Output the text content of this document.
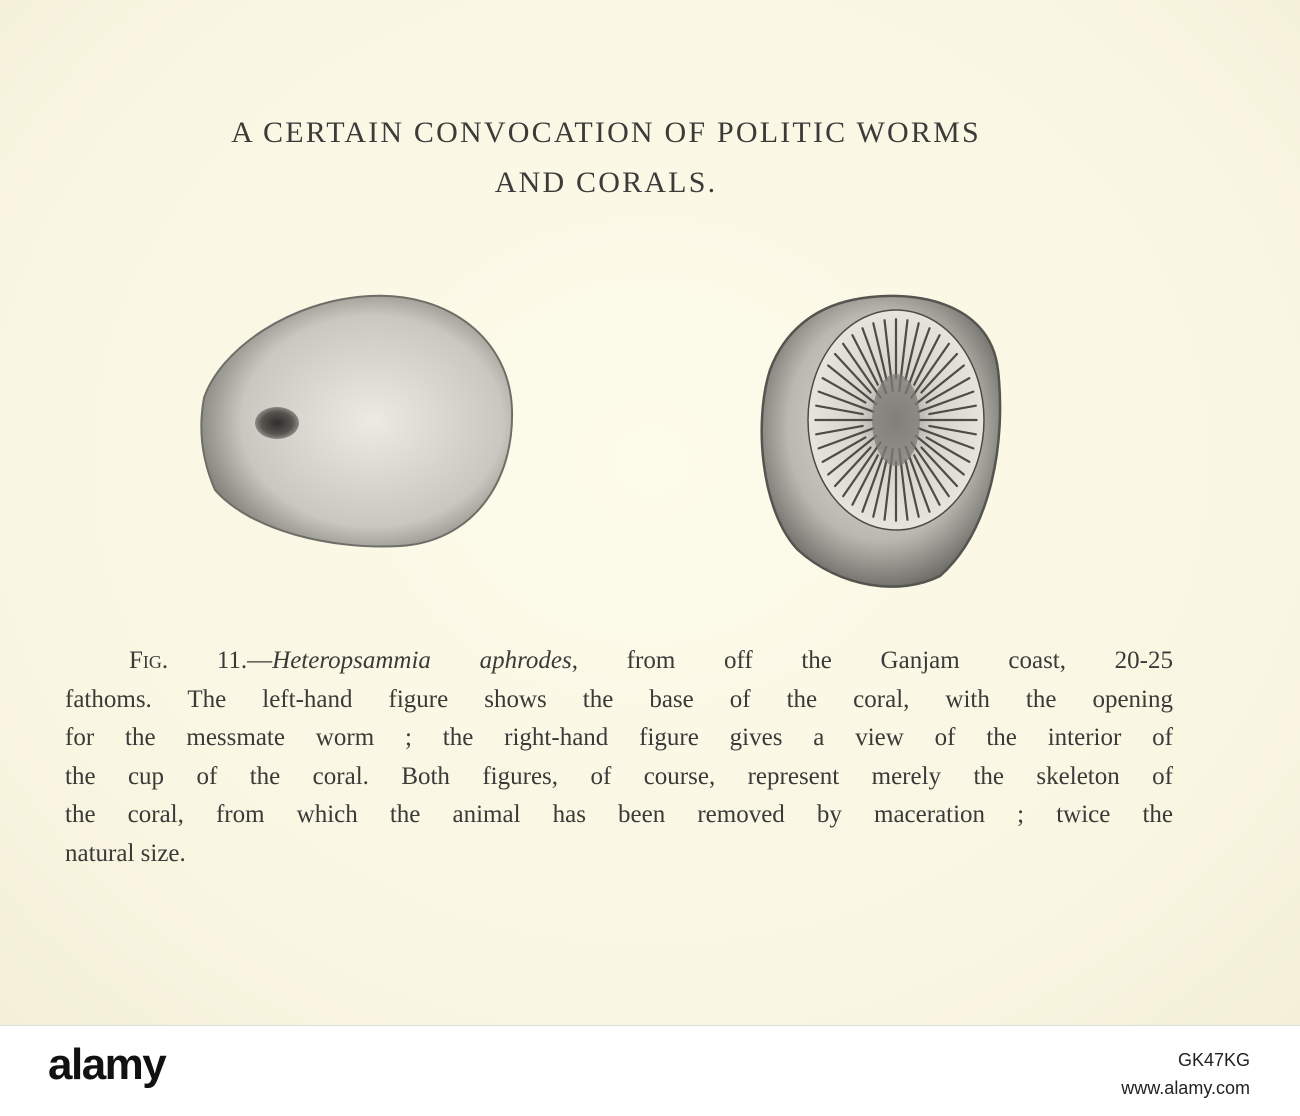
A CERTAIN CONVOCATION OF POLITIC WORMS
AND CORALS.
Fig. 11.—Heteropsammia aphrodes, from off the Ganjam coast, 20-25
fathoms. The left-hand figure shows the base of the coral, with the opening
for the messmate worm ; the right-hand figure gives a view of the interior of
the cup of the coral. Both figures, of course, represent merely the skeleton of
the coral, from which the animal has been removed by maceration ; twice the
natural size.
alamy	GK47KG
www.alamy.com
